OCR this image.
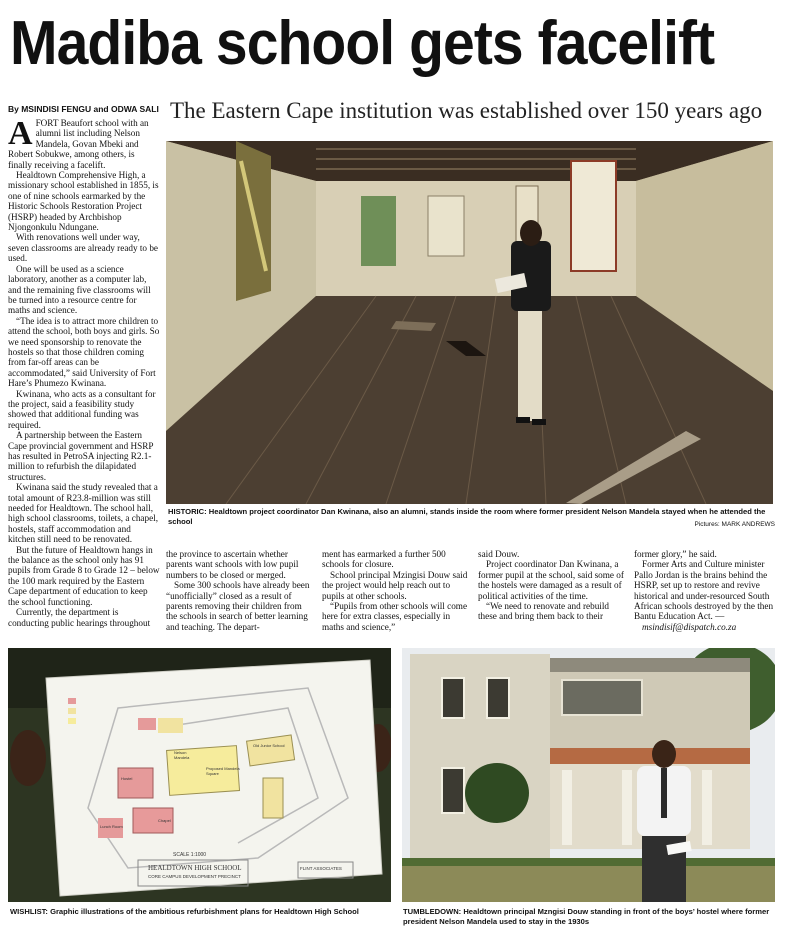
Madiba school gets facelift
By MSINDISI FENGU and ODWA SALI The Eastern Cape institution was established over 150 years ago
A FORT Beaufort school with an alumni list including Nelson Mandela, Govan Mbeki and Robert Sobukwe, among others, is finally receiving a facelift.

Healdtown Comprehensive High, a missionary school established in 1855, is one of nine schools earmarked by the Historic Schools Restoration Project (HSRP) headed by Archbishop Njongonkulu Ndungane.

With renovations well under way, seven classrooms are already ready to be used.

One will be used as a science laboratory, another as a computer lab, and the remaining five classrooms will be turned into a resource centre for maths and science.

“The idea is to attract more children to attend the school, both boys and girls. So we need sponsorship to renovate the hostels so that those children coming from far-off areas can be accommodated,” said University of Fort Hare’s Phumezo Kwinana.

Kwinana, who acts as a consultant for the project, said a feasibility study showed that additional funding was required.

A partnership between the Eastern Cape provincial government and HSRP has resulted in PetroSA injecting R2.1-million to refurbish the dilapidated structures.

Kwinana said the study revealed that a total amount of R23.8-million was still needed for Healdtown. The school hall, high school classrooms, toilets, a chapel, hostels, staff accommodation and kitchen still need to be renovated.

But the future of Healdtown hangs in the balance as the school only has 91 pupils from Grade 8 to Grade 12 – below the 100 mark required by the Eastern Cape department of education to keep the school functioning.

Currently, the department is conducting public hearings throughout

HISTORIC: Healdtown project coordinator Dan Kwinana, also an alumni, stands inside the room where former president Nelson Mandela stayed when he attended the school	Pictures: MARK ANDREWS

the province to ascertain whether parents want schools with low pupil numbers to be closed or merged.

Some 300 schools have already been “unofficially” closed as a result of parents removing their children from the schools in search of better learning and teaching. The depart-

ment has earmarked a further 500 schools for closure.

School principal Mzingisi Douw said the project would help reach out to pupils at other schools.

“Pupils from other schools will come here for extra classes, especially in maths and science,”

said Douw.

Project coordinator Dan Kwinana, a former pupil at the school, said some of the hostels were damaged as a result of political activities of the time.

“We need to renovate and rebuild these and bring them back to their

former glory,” he said.

Former Arts and Culture minister Pallo Jordan is the brains behind the HSRP, set up to restore and revive historical and under-resourced South African schools destroyed by the then Bantu Education Act. —

msindisif@dispatch.co.za

SCALE 1:1000
HEALDTOWN HIGH SCHOOL
CORE CAMPUS DEVELOPMENT PRECINCT
FLINT ASSOCIATES
Proposed Mandela Square
Old Junior School
Hostel
Chapel
Nelson Mandela
Lunch Room
WISHLIST: Graphic illustrations of the ambitious refurbishment plans for Healdtown High School	TUMBLEDOWN: Healdtown principal Mzngisi Douw standing in front of the boys’ hostel where former president Nelson Mandela used to stay in the 1930s
